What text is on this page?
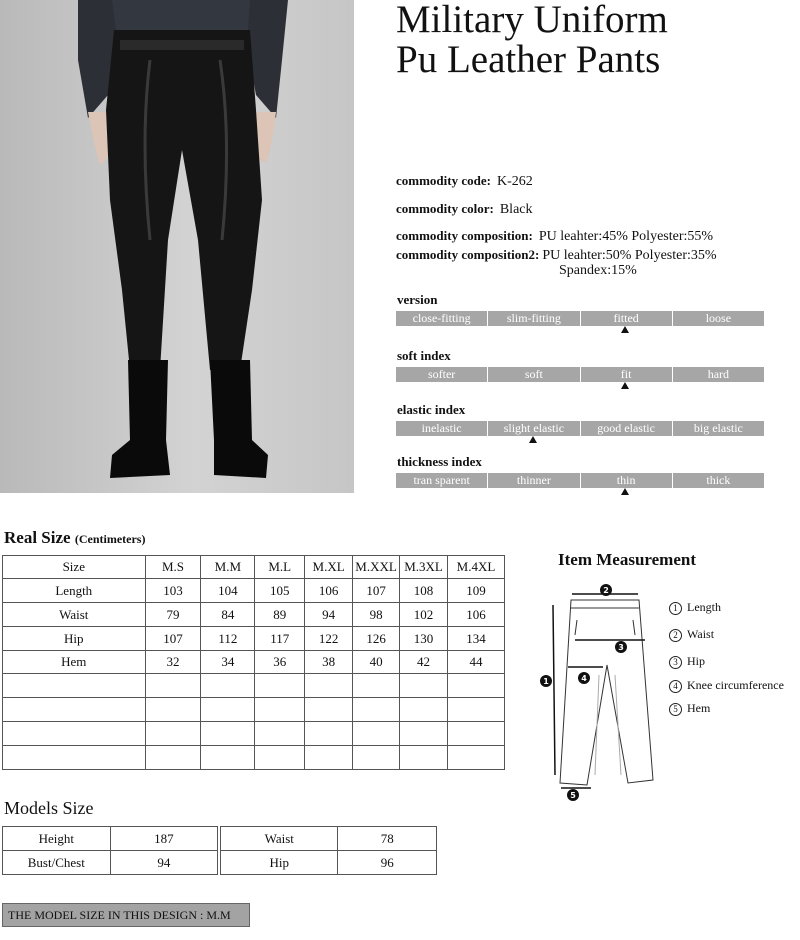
Military Uniform
Pu Leather Pants
commodity code: K-262
commodity color: Black
commodity composition: PU leahter:45% Polyester:55%
commodity composition2: PU leahter:50% Polyester:35%
Spandex:15%
version
close-fitting	slim-fitting	fitted	loose
soft index
softer	soft	fit	hard
elastic index
inelastic	slight elastic	good elastic	big elastic
thickness index
tran sparent	thinner	thin	thick
Real Size (Centimeters)
Size	M.S	M.M	M.L	M.XL	M.XXL	M.3XL	M.4XL
Length	103	104	105	106	107	108	109
Waist	79	84	89	94	98	102	106
Hip	107	112	117	122	126	130	134
Hem	32	34	36	38	40	42	44

Item Measurement
1
2
3
4
5
1 Length
2 Waist
3 Hip
4 Knee circumference
5 Hem
Models Size
Height	187
Bust/Chest	94
Waist	78
Hip	96
THE MODEL SIZE IN THIS DESIGN : M.M
